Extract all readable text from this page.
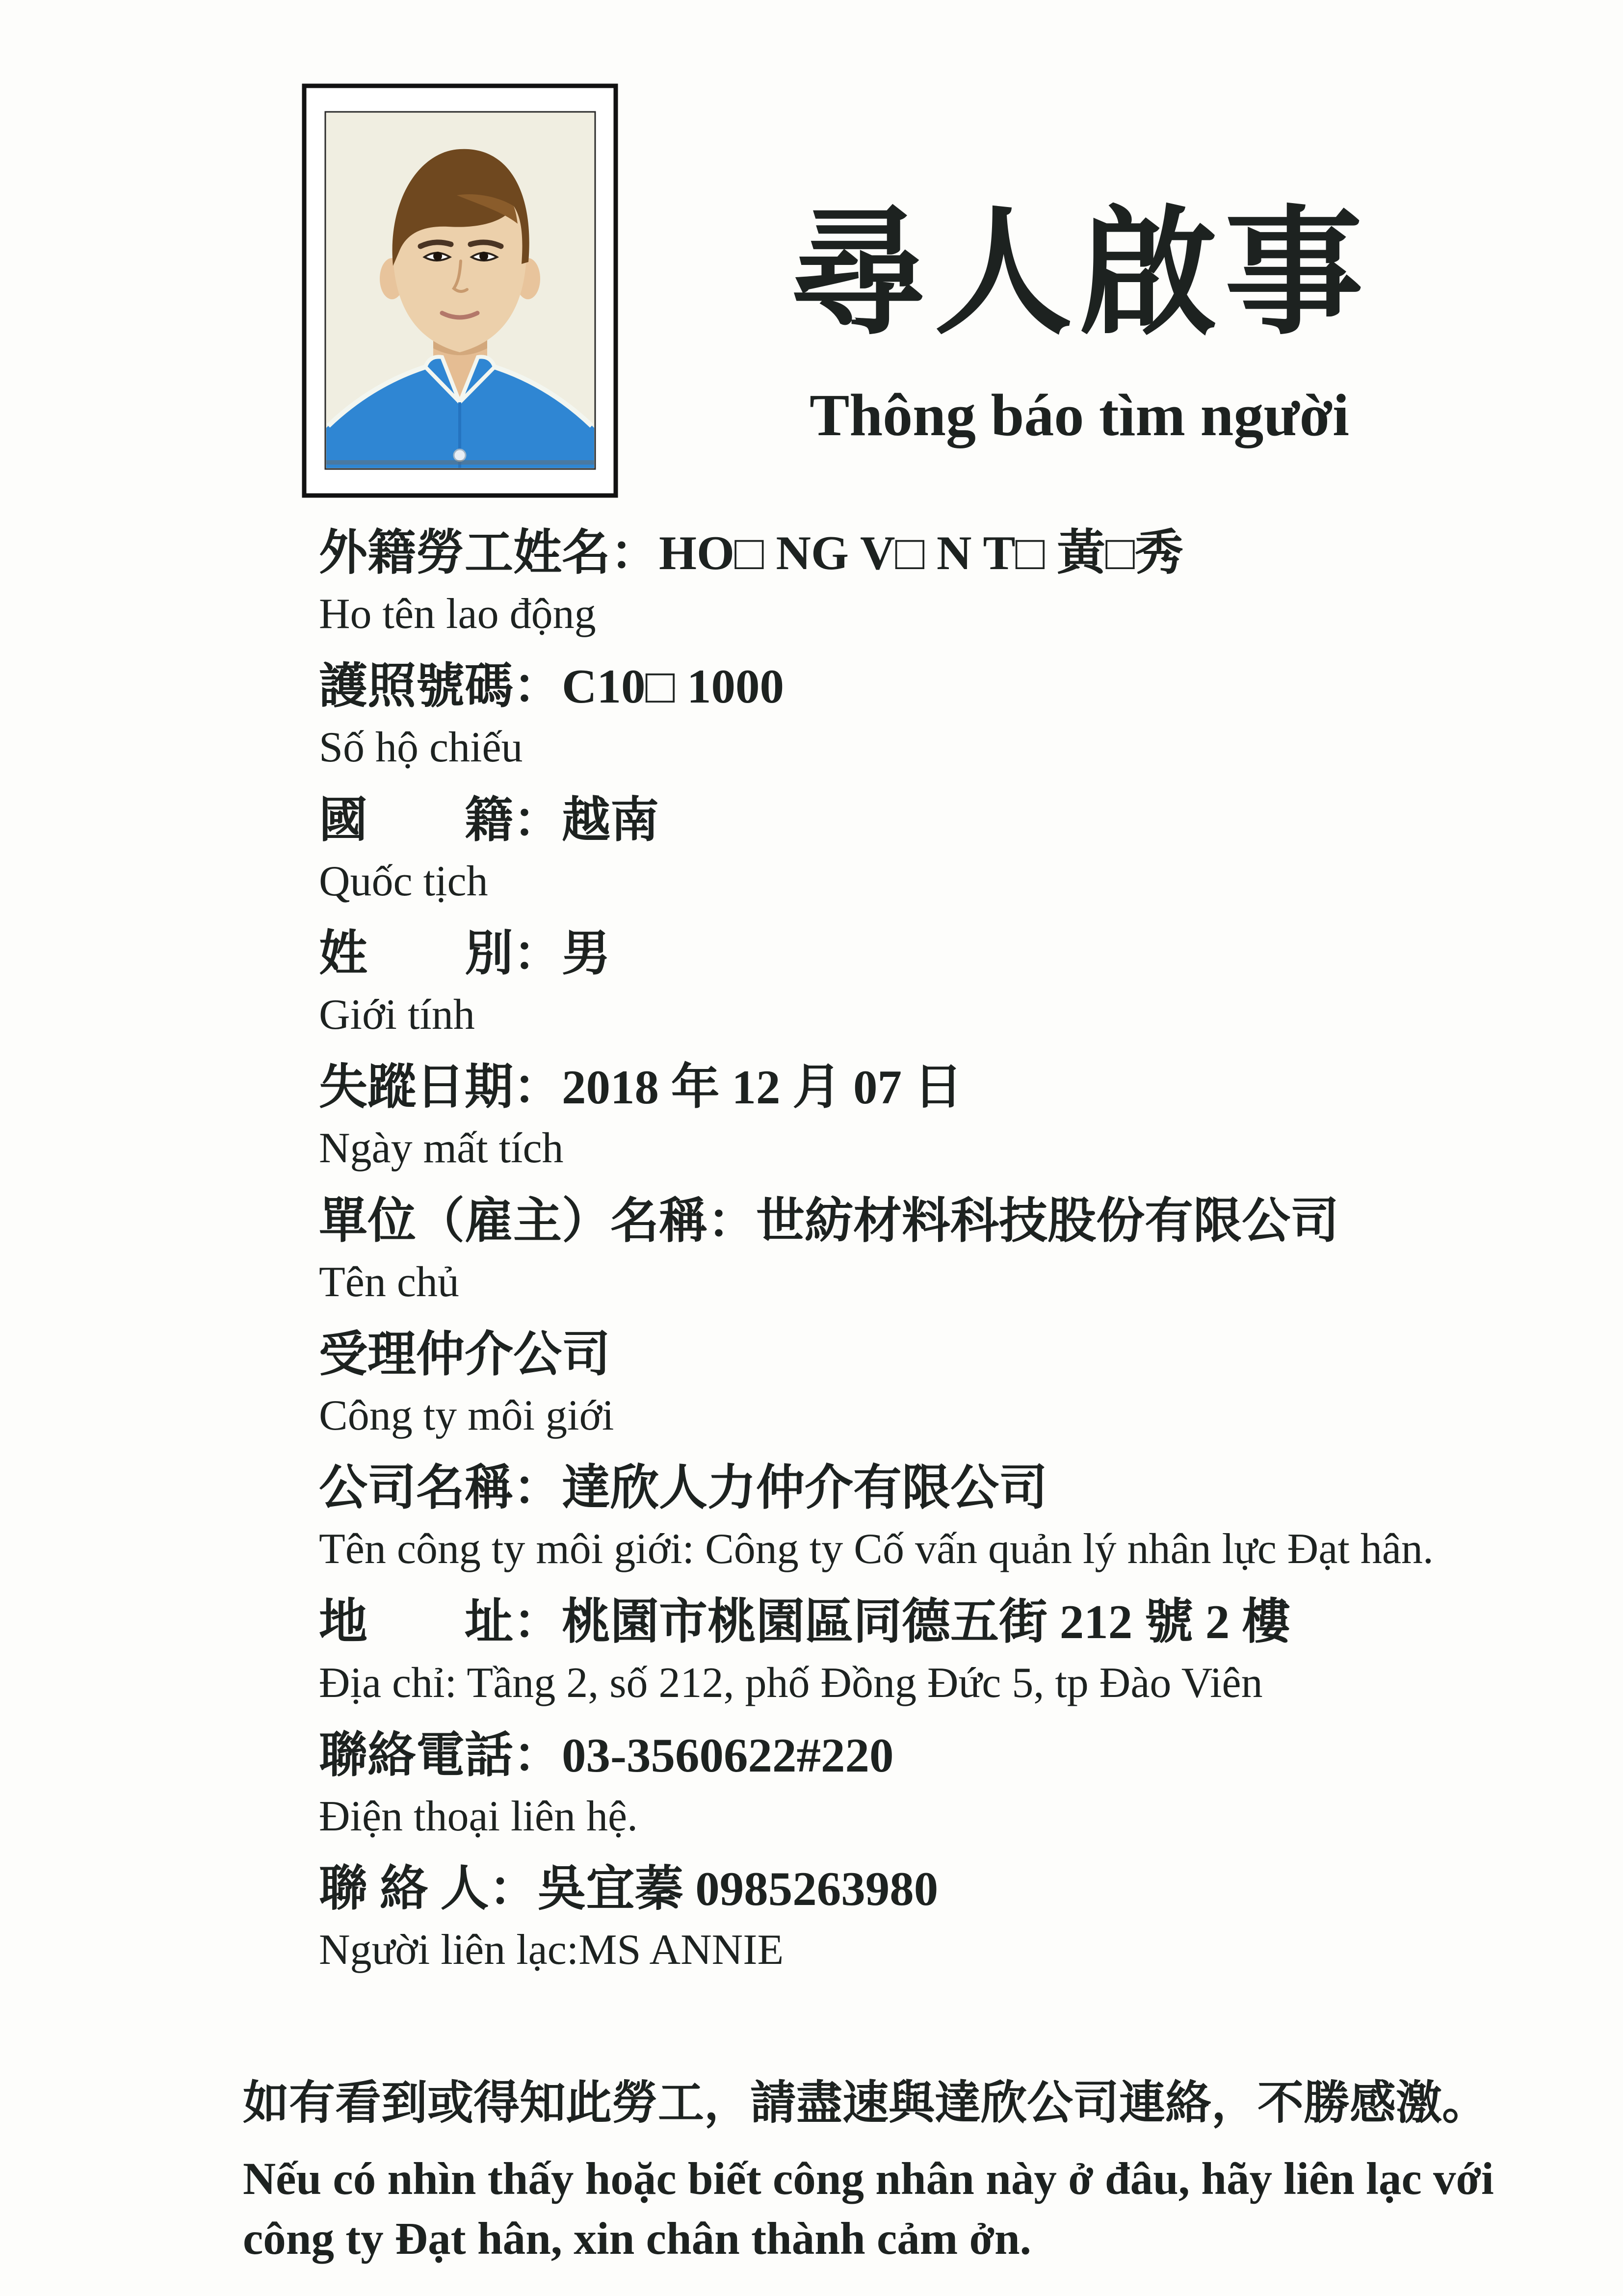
尋人啟事
Thông báo tìm người

外籍勞工姓名：HO□ NG V□ N T□ 黃□秀

Ho tên lao động

護照號碼：C10□ 1000

Số hộ chiếu

國　　籍：越南

Quốc tịch

姓　　別：男

Giới tính

失蹤日期：2018 年 12 月 07 日

Ngày mất tích

單位（雇主）名稱：世紡材料科技股份有限公司

Tên chủ

受理仲介公司

Công ty môi giới

公司名稱：達欣人力仲介有限公司

Tên công ty môi giới: Công ty Cố vấn quản lý nhân lực Đạt hân.

地　　址：桃園市桃園區同德五街 212 號 2 樓

Địa chỉ: Tầng 2, số 212, phố Đồng Đức 5, tp Đào Viên

聯絡電話：03-3560622#220

Điện thoại liên hệ.

聯 絡 人：吳宜蓁 0985263980

Người liên lạc:MS ANNIE

如有看到或得知此勞工，請盡速與達欣公司連絡，不勝感激。

Nếu có nhìn thấy hoặc biết công nhân này ở đâu, hãy liên lạc với

công ty Đạt hân, xin chân thành cảm ởn.
